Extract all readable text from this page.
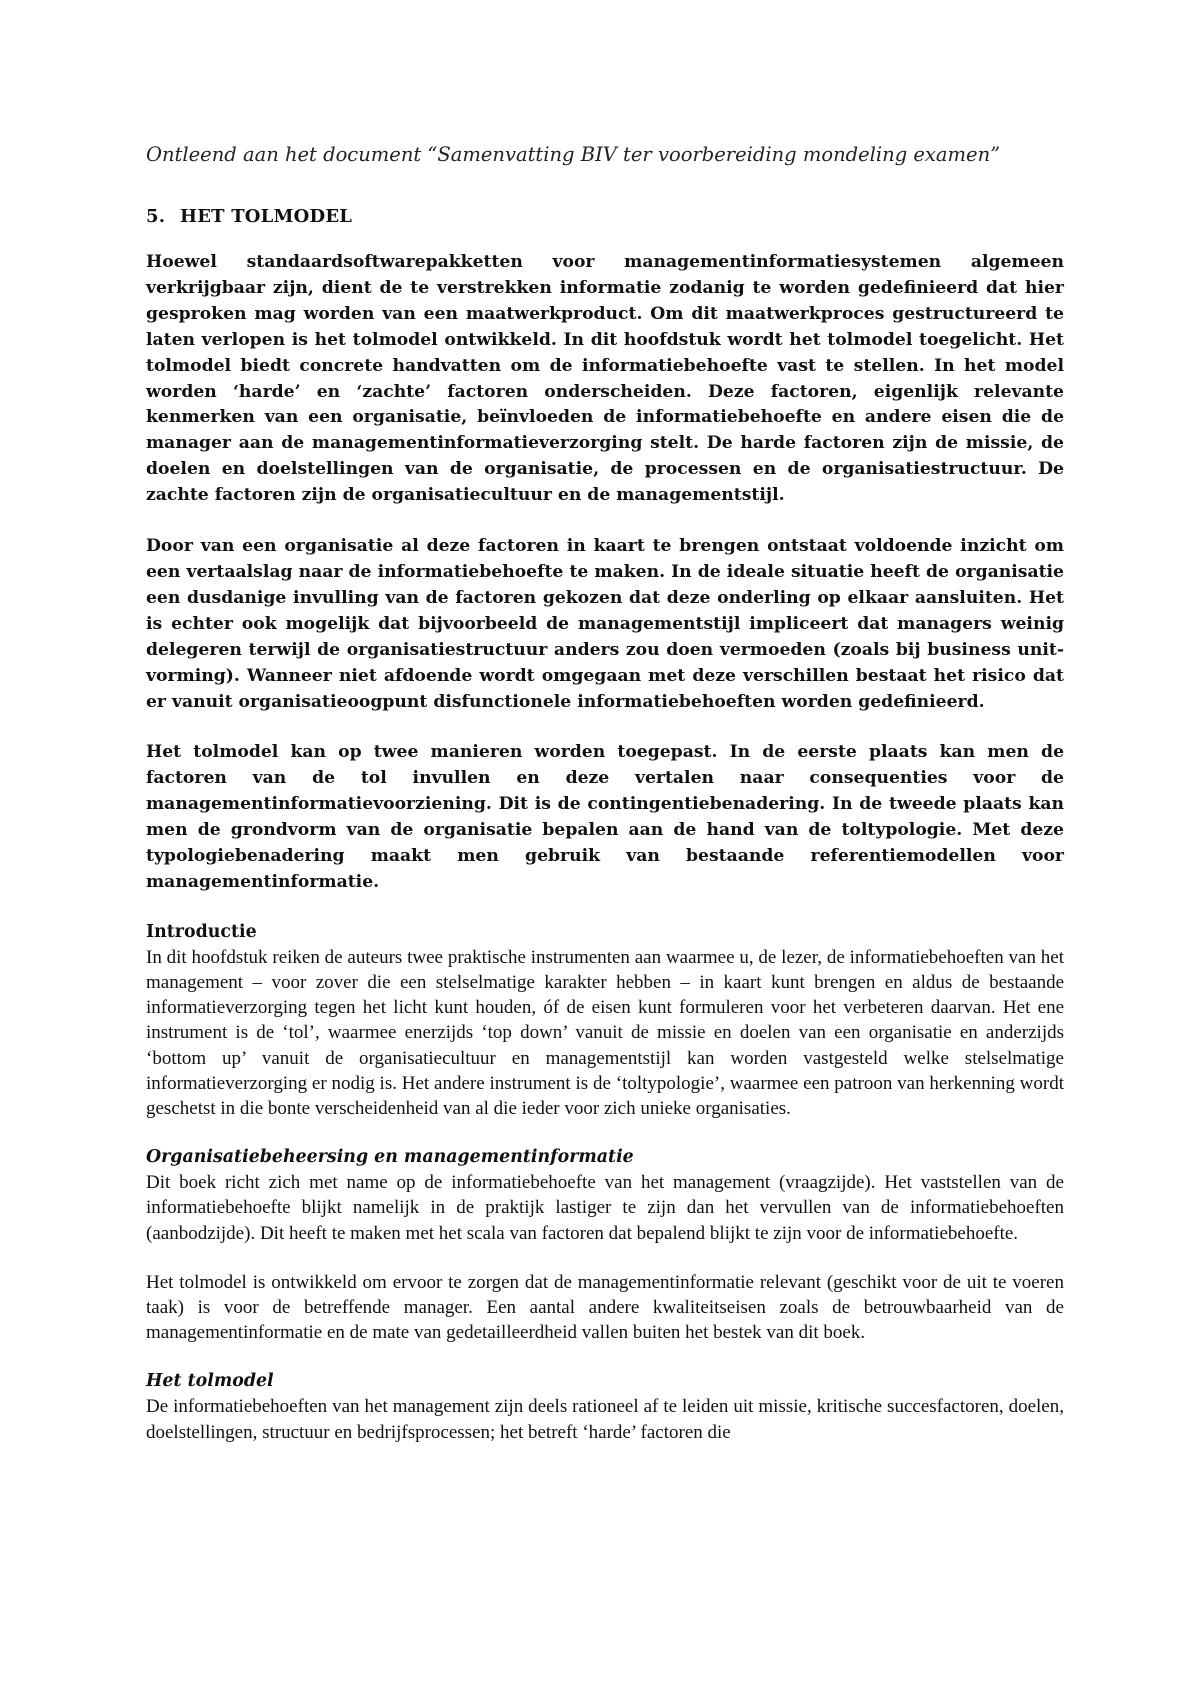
Ontleend aan het document “Samenvatting BIV ter voorbereiding mondeling examen”

5. HET TOLMODEL

Hoewel standaardsoftwarepakketten voor managementinformatiesystemen algemeen verkrijgbaar zijn, dient de te verstrekken informatie zodanig te worden gedefinieerd dat hier gesproken mag worden van een maatwerkproduct. Om dit maatwerkproces gestructureerd te laten verlopen is het tolmodel ontwikkeld. In dit hoofdstuk wordt het tolmodel toegelicht. Het tolmodel biedt concrete handvatten om de informatiebehoefte vast te stellen. In het model worden ‘harde’ en ‘zachte’ factoren onderscheiden. Deze factoren, eigenlijk relevante kenmerken van een organisatie, beïnvloeden de informatiebehoefte en andere eisen die de manager aan de managementinformatieverzorging stelt. De harde factoren zijn de missie, de doelen en doelstellingen van de organisatie, de processen en de organisatiestructuur. De zachte factoren zijn de organisatiecultuur en de managementstijl.

Door van een organisatie al deze factoren in kaart te brengen ontstaat voldoende inzicht om een vertaalslag naar de informatiebehoefte te maken. In de ideale situatie heeft de organisatie een dusdanige invulling van de factoren gekozen dat deze onderling op elkaar aansluiten. Het is echter ook mogelijk dat bijvoorbeeld de managementstijl impliceert dat managers weinig delegeren terwijl de organisatiestructuur anders zou doen vermoeden (zoals bij business unit-vorming). Wanneer niet afdoende wordt omgegaan met deze verschillen bestaat het risico dat er vanuit organisatieoogpunt disfunctionele informatiebehoeften worden gedefinieerd.

Het tolmodel kan op twee manieren worden toegepast. In de eerste plaats kan men de factoren van de tol invullen en deze vertalen naar consequenties voor de managementinformatievoorziening. Dit is de contingentiebenadering. In de tweede plaats kan men de grondvorm van de organisatie bepalen aan de hand van de toltypologie. Met deze typologiebenadering maakt men gebruik van bestaande referentiemodellen voor managementinformatie.

Introductie

In dit hoofdstuk reiken de auteurs twee praktische instrumenten aan waarmee u, de lezer, de informatiebehoeften van het management – voor zover die een stelselmatige karakter hebben – in kaart kunt brengen en aldus de bestaande informatieverzorging tegen het licht kunt houden, óf de eisen kunt formuleren voor het verbeteren daarvan. Het ene instrument is de ‘tol’, waarmee enerzijds ‘top down’ vanuit de missie en doelen van een organisatie en anderzijds ‘bottom up’ vanuit de organisatiecultuur en managementstijl kan worden vastgesteld welke stelselmatige informatieverzorging er nodig is. Het andere instrument is de ‘toltypologie’, waarmee een patroon van herkenning wordt geschetst in die bonte verscheidenheid van al die ieder voor zich unieke organisaties.

Organisatiebeheersing en managementinformatie

Dit boek richt zich met name op de informatiebehoefte van het management (vraagzijde). Het vaststellen van de informatiebehoefte blijkt namelijk in de praktijk lastiger te zijn dan het vervullen van de informatiebehoeften (aanbodzijde). Dit heeft te maken met het scala van factoren dat bepalend blijkt te zijn voor de informatiebehoefte.

Het tolmodel is ontwikkeld om ervoor te zorgen dat de managementinformatie relevant (geschikt voor de uit te voeren taak) is voor de betreffende manager. Een aantal andere kwaliteitseisen zoals de betrouwbaarheid van de managementinformatie en de mate van gedetailleerdheid vallen buiten het bestek van dit boek.

Het tolmodel

De informatiebehoeften van het management zijn deels rationeel af te leiden uit missie, kritische succesfactoren, doelen, doelstellingen, structuur en bedrijfsprocessen; het betreft ‘harde’ factoren die
